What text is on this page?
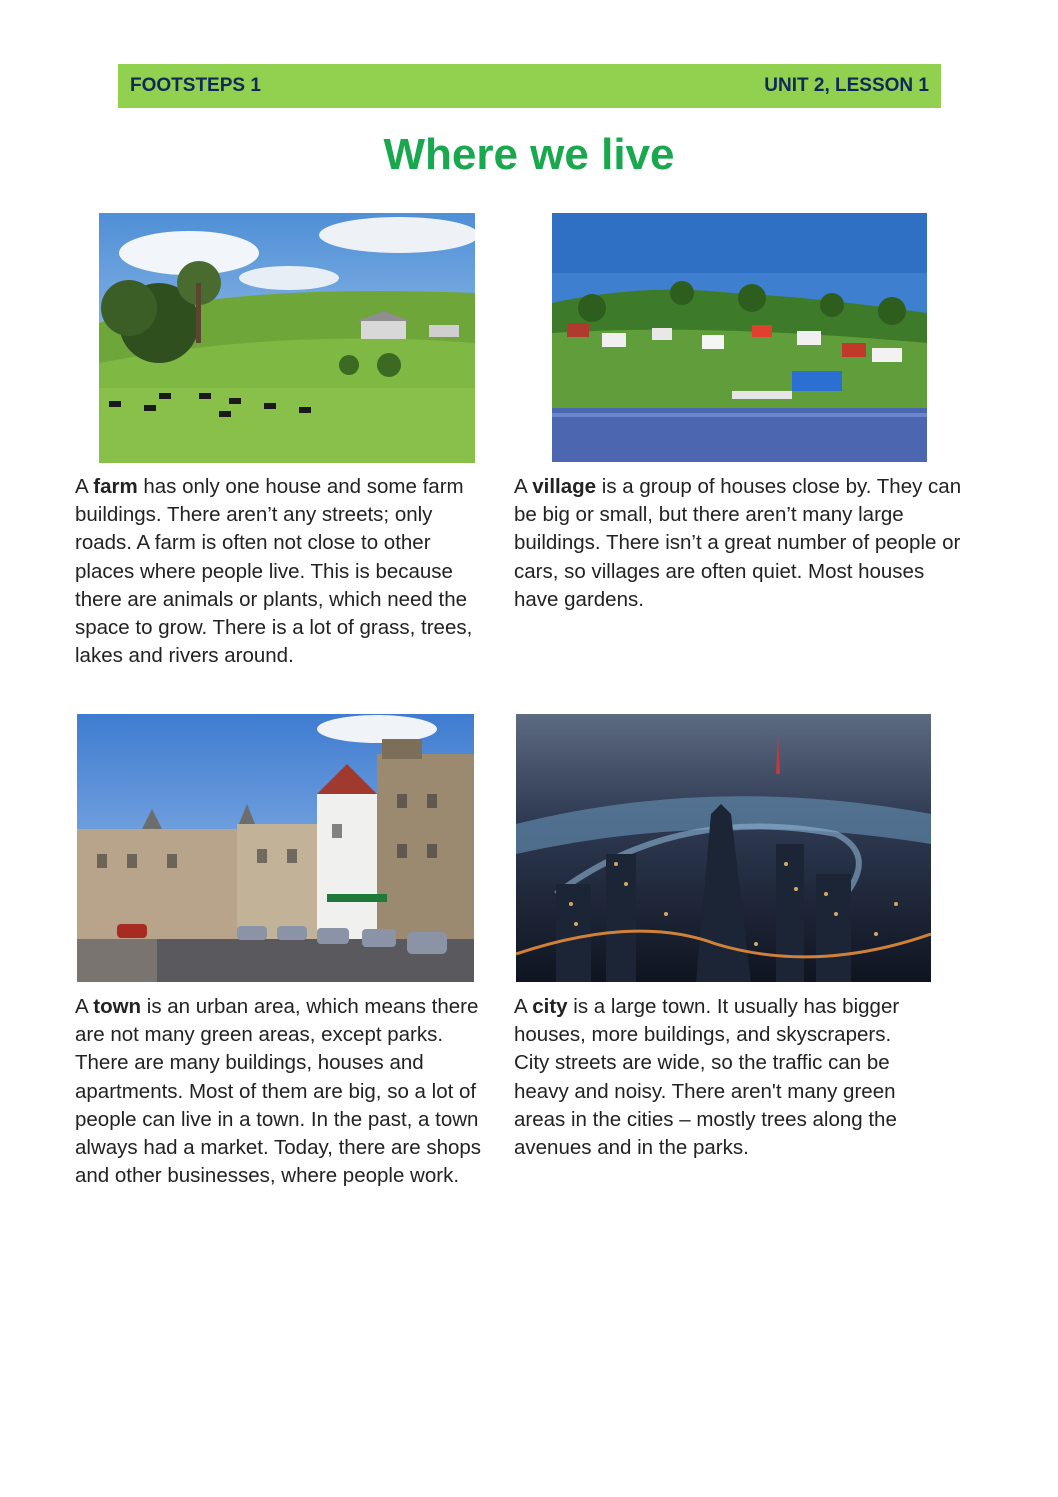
FOOTSTEPS 1	UNIT 2, LESSON 1
Where we live

A farm has only one house and some farm buildings. There aren’t any streets; only roads. A farm is often not close to other places where people live. This is because there are animals or plants, which need the space to grow. There is a lot of grass, trees, lakes and rivers around.

A village is a group of houses close by. They can be big or small, but there aren’t many large buildings. There isn’t a great number of people or cars, so villages are often quiet. Most houses have gardens.

A town is an urban area, which means there are not many green areas, except parks. There are many buildings, houses and apartments. Most of them are big, so a lot of people can live in a town. In the past, a town always had a market. Today, there are shops and other businesses, where people work.

A city is a large town. It usually has bigger houses, more buildings, and skyscrapers. City streets are wide, so the traffic can be heavy and noisy. There aren't many green areas in the cities – mostly trees along the avenues and in the parks.
